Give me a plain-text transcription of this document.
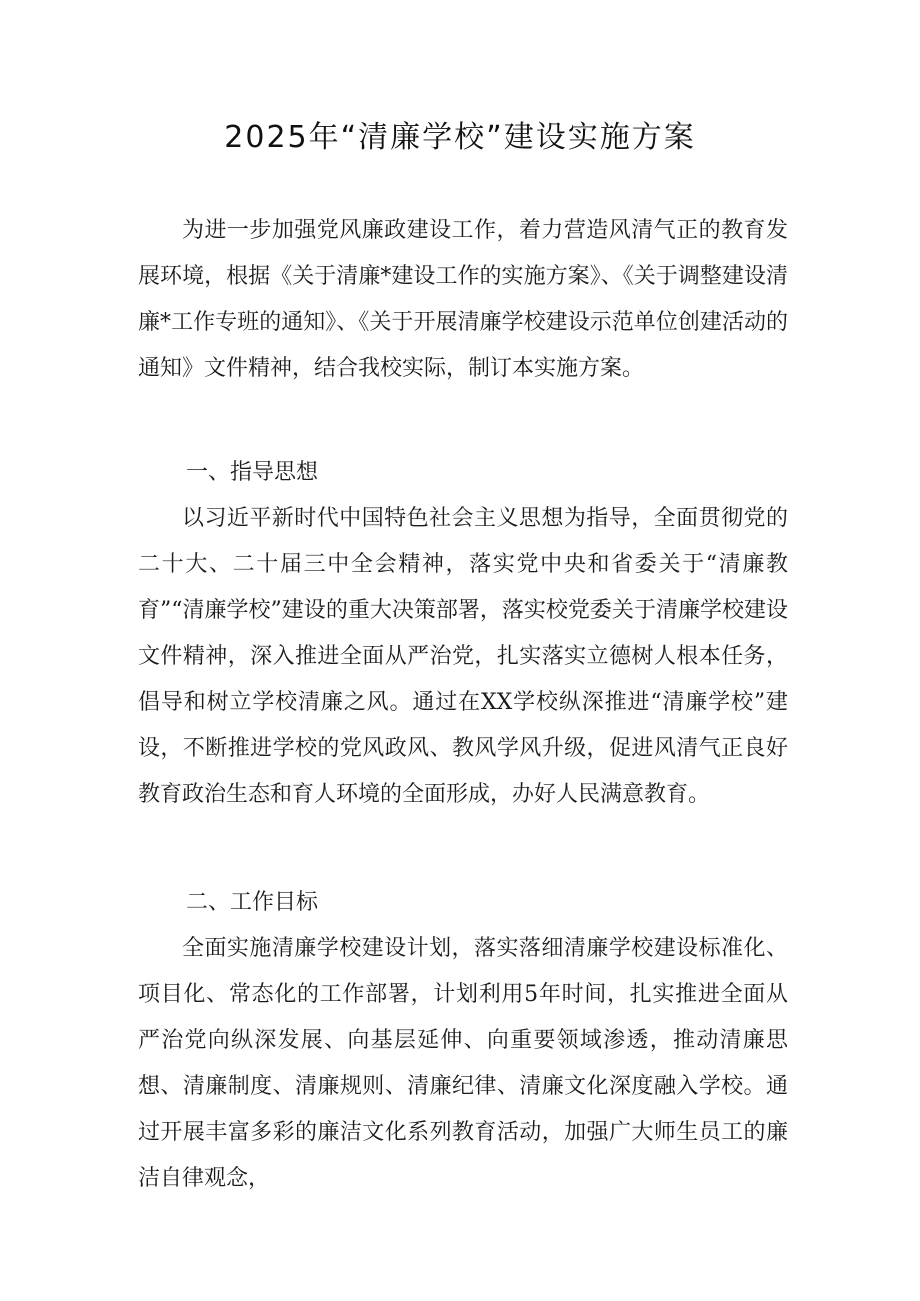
2025年“清廉学校”建设实施方案

为进一步加强党风廉政建设工作，着力营造风清气正的教育发展环境，根据《关于清廉*建设工作的实施方案》、《关于调整建设清廉*工作专班的通知》、《关于开展清廉学校建设示范单位创建活动的通知》文件精神，结合我校实际，制订本实施方案。

一、指导思想

以习近平新时代中国特色社会主义思想为指导，全面贯彻党的二十大、二十届三中全会精神，落实党中央和省委关于“清廉教育”“清廉学校”建设的重大决策部署，落实校党委关于清廉学校建设文件精神，深入推进全面从严治党，扎实落实立德树人根本任务，倡导和树立学校清廉之风。通过在XX学校纵深推进“清廉学校”建设，不断推进学校的党风政风、教风学风升级，促进风清气正良好教育政治生态和育人环境的全面形成，办好人民满意教育。

二、工作目标

全面实施清廉学校建设计划，落实落细清廉学校建设标准化、项目化、常态化的工作部署，计划利用5年时间，扎实推进全面从严治党向纵深发展、向基层延伸、向重要领域渗透，推动清廉思想、清廉制度、清廉规则、清廉纪律、清廉文化深度融入学校。通过开展丰富多彩的廉洁文化系列教育活动，加强广大师生员工的廉洁自律观念，
